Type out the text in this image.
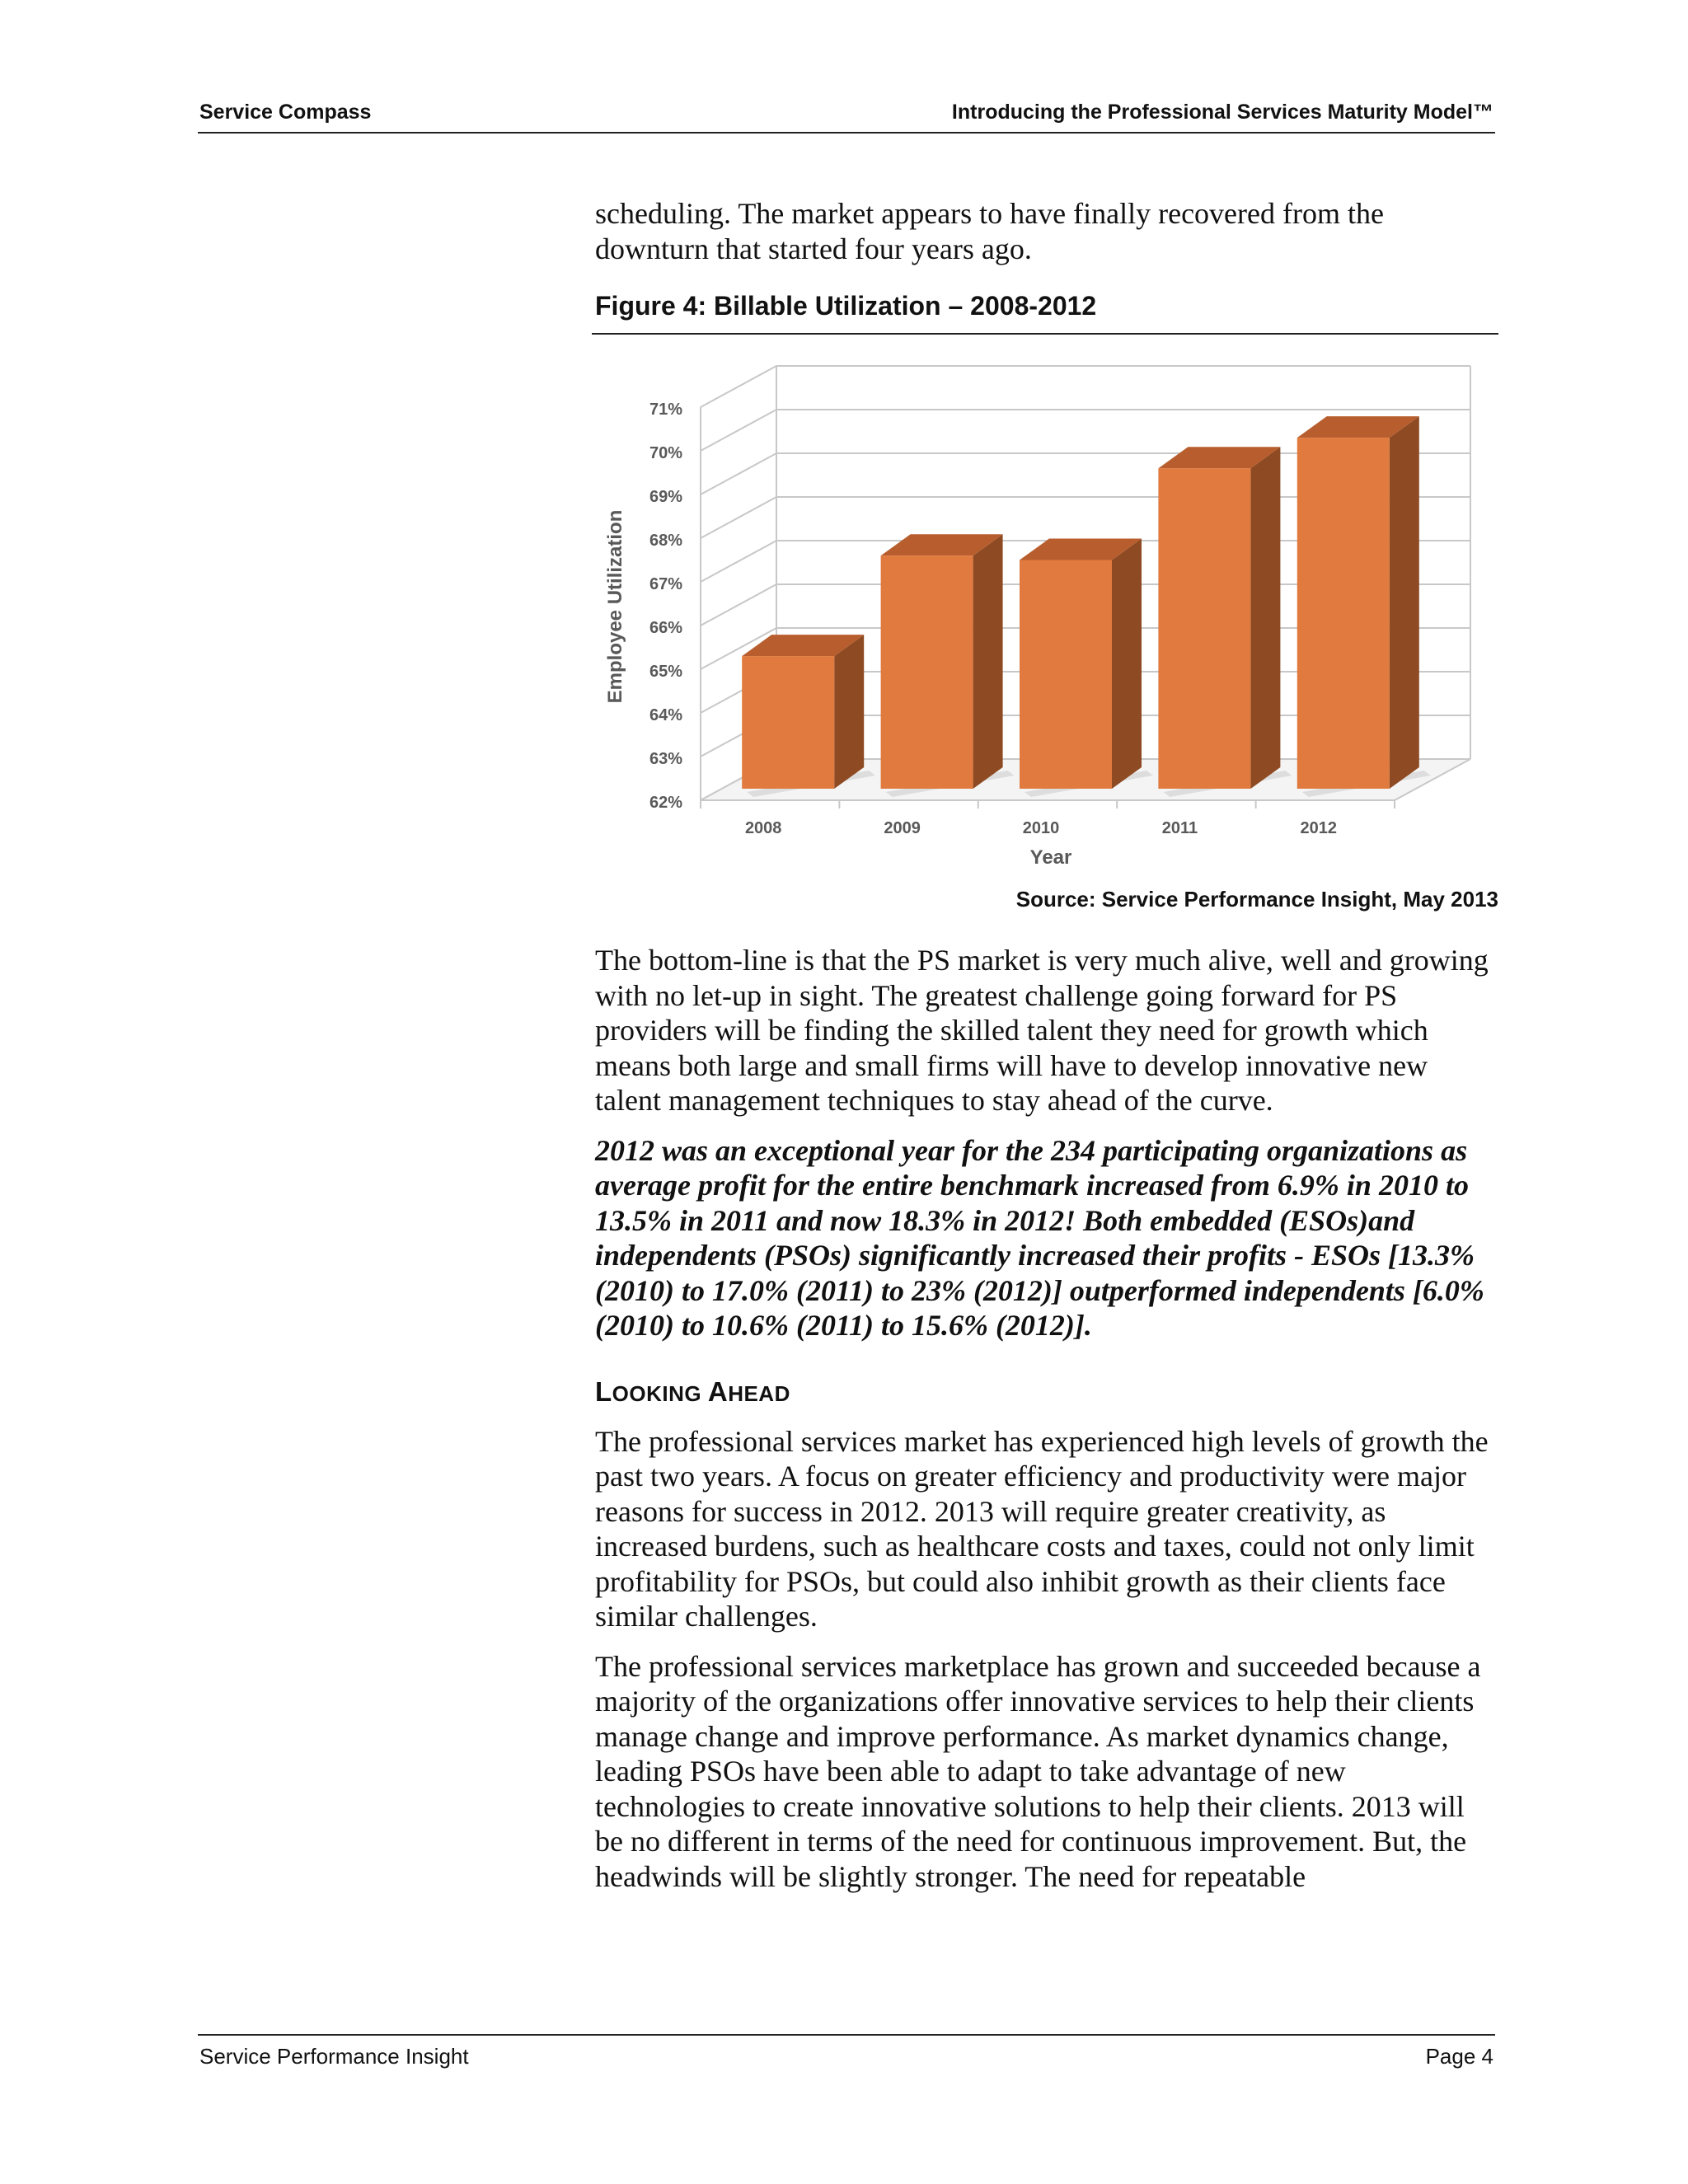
Service Compass	Introducing the Professional Services Maturity Model™

scheduling. The market appears to have finally recovered from the downturn that started four years ago.

Figure 4: Billable Utilization – 2008-2012
62%
63%
64%
65%
66%
67%
68%
69%
70%
71%
2008	2009	2010	2011	2012
Year
Employee Utilization
Source: Service Performance Insight, May 2013

The bottom-line is that the PS market is very much alive, well and growing with no let-up in sight. The greatest challenge going forward for PS providers will be finding the skilled talent they need for growth which means both large and small firms will have to develop innovative new talent management techniques to stay ahead of the curve.

2012 was an exceptional year for the 234 participating organizations as average profit for the entire benchmark increased from 6.9% in 2010 to 13.5% in 2011 and now 18.3% in 2012! Both embedded (ESOs)and independents (PSOs) significantly increased their profits - ESOs [13.3% (2010) to 17.0% (2011) to 23% (2012)] outperformed independents [6.0% (2010) to 10.6% (2011) to 15.6% (2012)].

LOOKING AHEAD

The professional services market has experienced high levels of growth the past two years. A focus on greater efficiency and productivity were major reasons for success in 2012. 2013 will require greater creativity, as increased burdens, such as healthcare costs and taxes, could not only limit profitability for PSOs, but could also inhibit growth as their clients face similar challenges.

The professional services marketplace has grown and succeeded because a majority of the organizations offer innovative services to help their clients manage change and improve performance. As market dynamics change, leading PSOs have been able to adapt to take advantage of new technologies to create innovative solutions to help their clients. 2013 will be no different in terms of the need for continuous improvement. But, the headwinds will be slightly stronger. The need for repeatable

Service Performance Insight	Page 4
